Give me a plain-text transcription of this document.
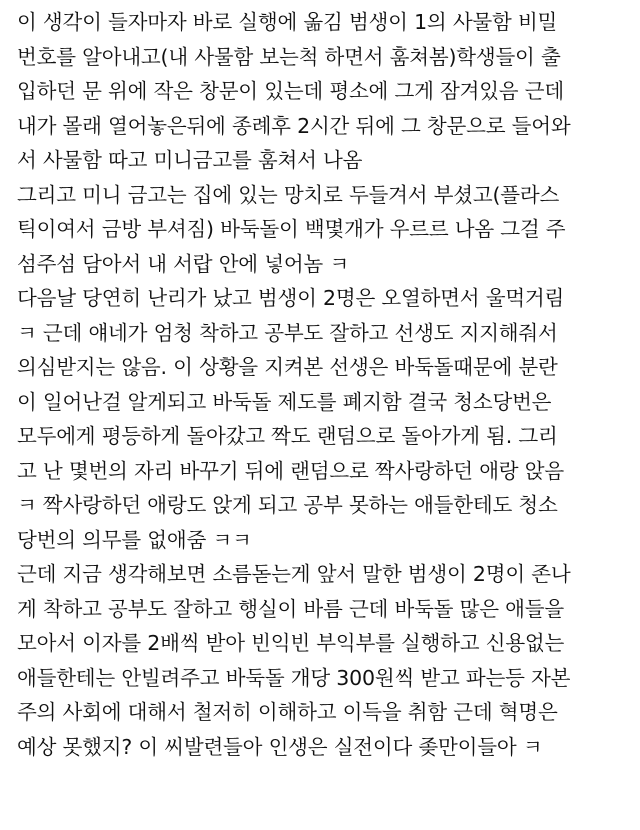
이 생각이 들자마자 바로 실행에 옮김 범생이 1의 사물함 비밀
번호를 알아내고(내 사물함 보는척 하면서 훔쳐봄)학생들이 출
입하던 문 위에 작은 창문이 있는데 평소에 그게 잠겨있음 근데
내가 몰래 열어놓은뒤에 종례후 2시간 뒤에 그 창문으로 들어와
서 사물함 따고 미니금고를 훔쳐서 나옴
그리고 미니 금고는 집에 있는 망치로 두들겨서 부셨고(플라스
틱이여서 금방 부셔짐) 바둑돌이 백몇개가 우르르 나옴 그걸 주
섬주섬 담아서 내 서랍 안에 넣어놈 ㅋ
다음날 당연히 난리가 났고 범생이 2명은 오열하면서 울먹거림
ㅋ 근데 얘네가 엄청 착하고 공부도 잘하고 선생도 지지해줘서
의심받지는 않음. 이 상황을 지켜본 선생은 바둑돌때문에 분란
이 일어난걸 알게되고 바둑돌 제도를 폐지함 결국 청소당번은
모두에게 평등하게 돌아갔고 짝도 랜덤으로 돌아가게 됨. 그리
고 난 몇번의 자리 바꾸기 뒤에 랜덤으로 짝사랑하던 애랑 앉음
ㅋ 짝사랑하던 애랑도 앉게 되고 공부 못하는 애들한테도 청소
당번의 의무를 없애줌 ㅋㅋ
근데 지금 생각해보면 소름돋는게 앞서 말한 범생이 2명이 존나
게 착하고 공부도 잘하고 행실이 바름 근데 바둑돌 많은 애들을
모아서 이자를 2배씩 받아 빈익빈 부익부를 실행하고 신용없는
애들한테는 안빌려주고 바둑돌 개당 300원씩 받고 파는등 자본
주의 사회에 대해서 철저히 이해하고 이득을 취함 근데 혁명은
예상 못했지? 이 씨발련들아 인생은 실전이다 좆만이들아 ㅋ
